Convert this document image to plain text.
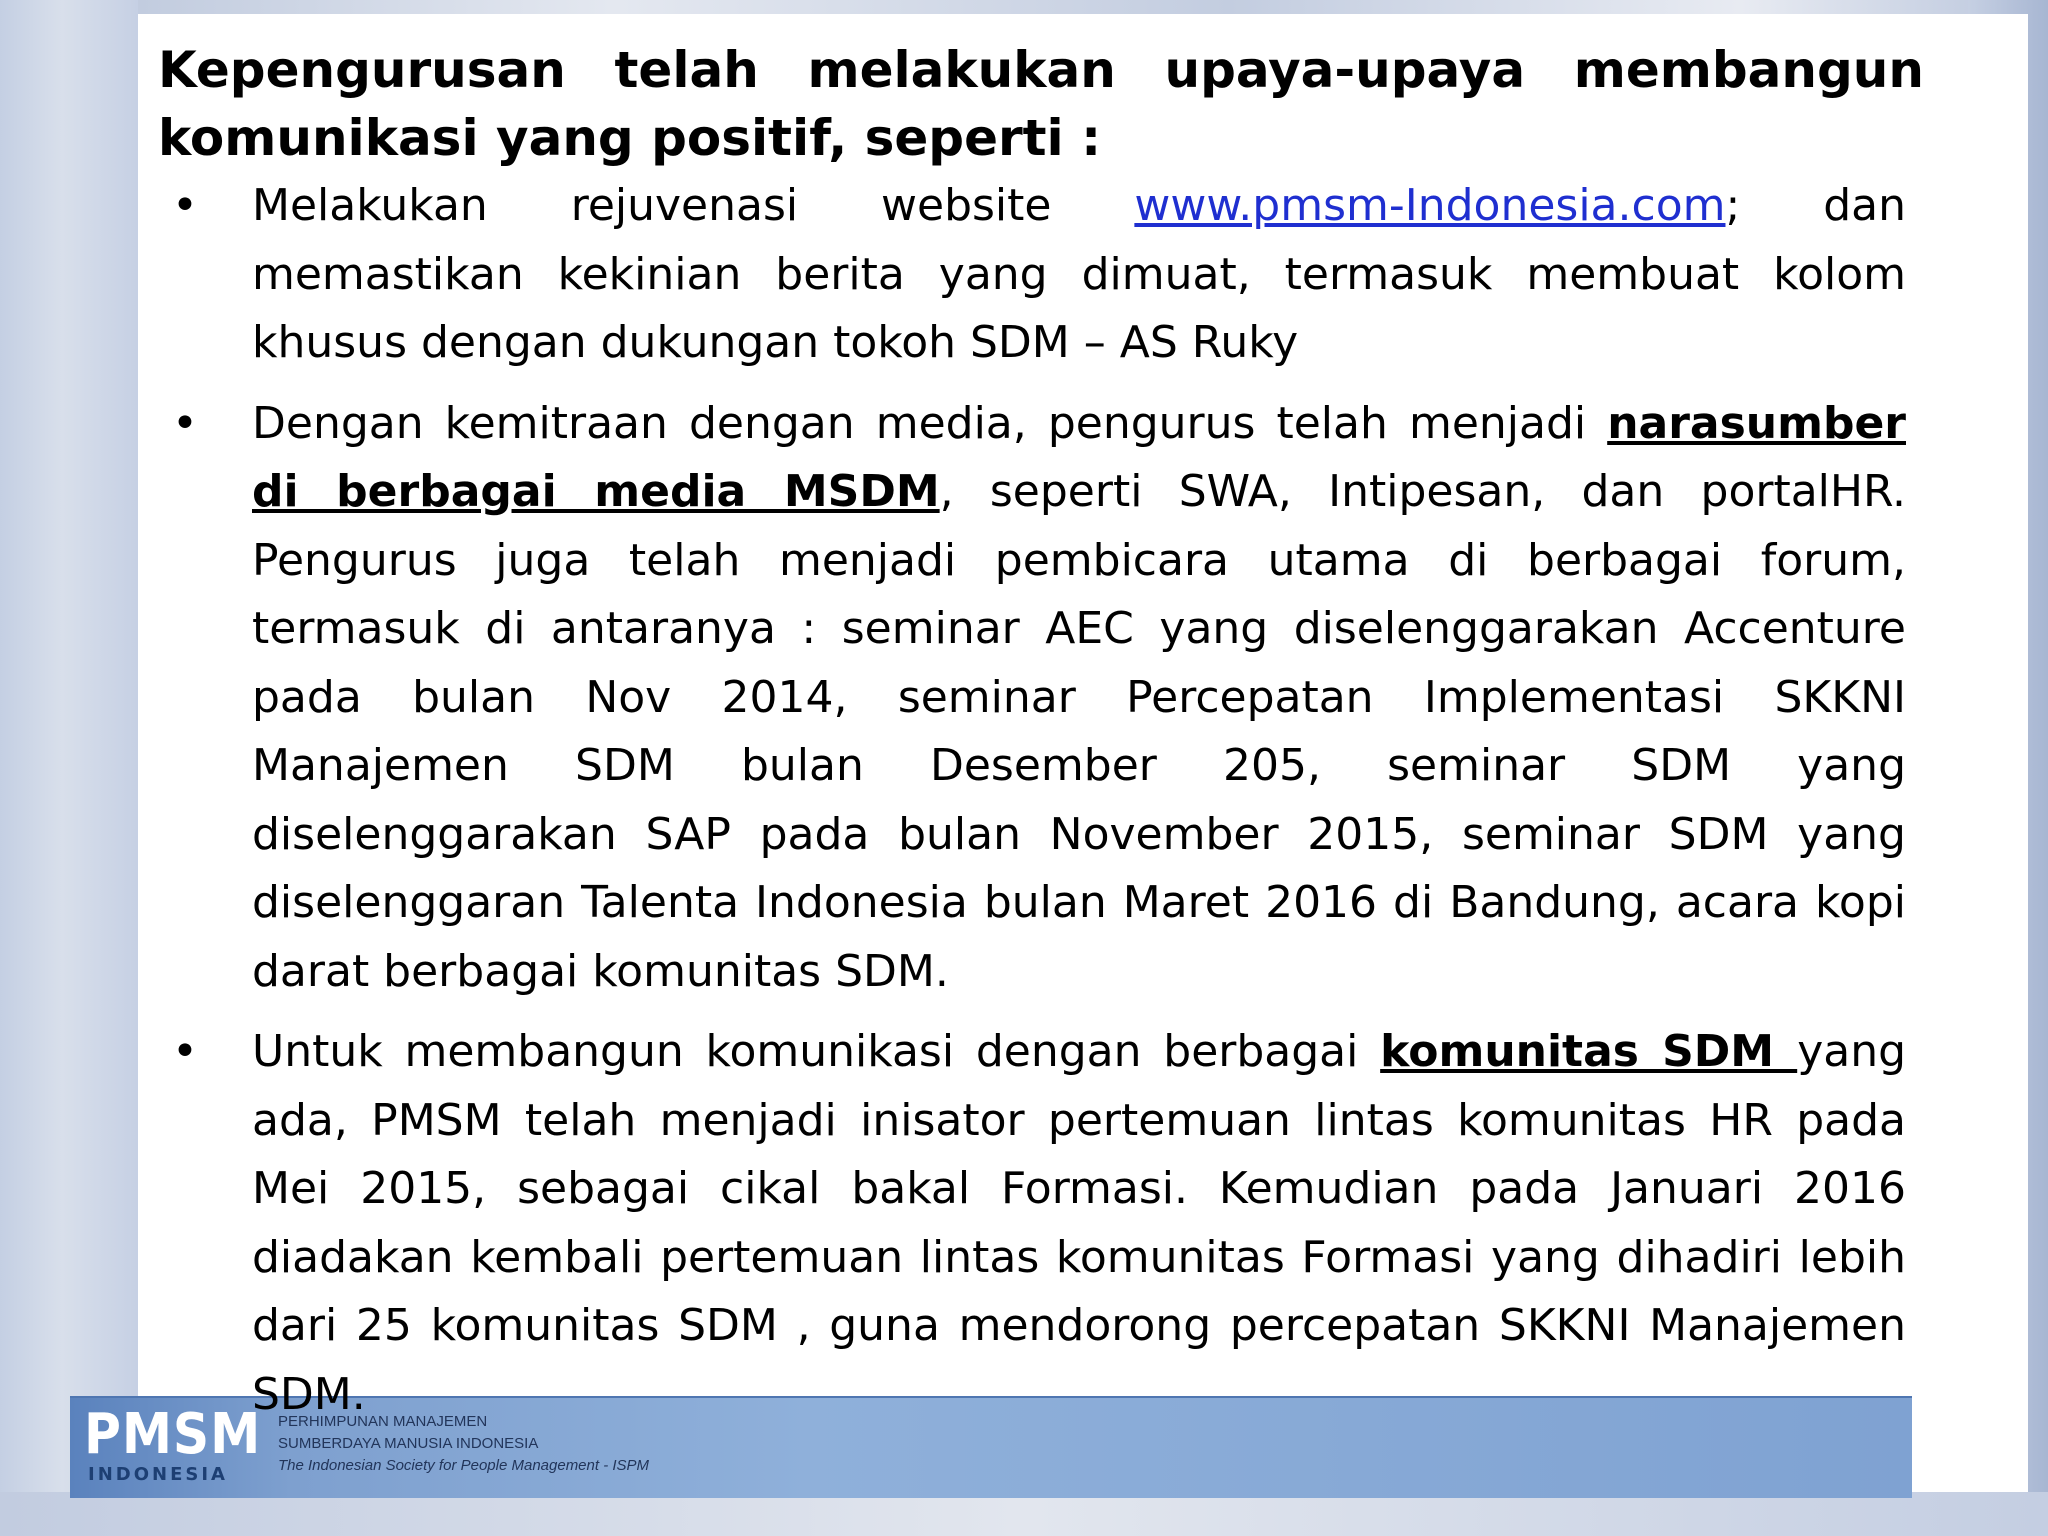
PMSM
INDONESIA
PERHIMPUNAN MANAJEMEN
SUMBERDAYA MANUSIA INDONESIA
The Indonesian Society for People Management - ISPM
Kepengurusan telah melakukan upaya-upaya membangun komunikasi yang positif, seperti :
• Melakukan rejuvenasi website www.pmsm-Indonesia.com; dan memastikan kekinian berita yang dimuat, termasuk membuat kolom khusus dengan dukungan tokoh SDM – AS Ruky
• Dengan kemitraan dengan media, pengurus telah menjadi narasumber di berbagai media MSDM, seperti SWA, Intipesan, dan portalHR. Pengurus juga telah menjadi pembicara utama di berbagai forum, termasuk di antaranya : seminar AEC yang diselenggarakan Accenture pada bulan Nov 2014, seminar Percepatan Implementasi SKKNI Manajemen SDM bulan Desember 205, seminar SDM yang diselenggarakan SAP pada bulan November 2015, seminar SDM yang diselenggaran Talenta Indonesia bulan Maret 2016 di Bandung, acara kopi darat berbagai komunitas SDM.
• Untuk membangun komunikasi dengan berbagai komunitas SDM yang ada, PMSM telah menjadi inisator pertemuan lintas komunitas HR pada Mei 2015, sebagai cikal bakal Formasi. Kemudian pada Januari 2016 diadakan kembali pertemuan lintas komunitas Formasi yang dihadiri lebih dari 25 komunitas SDM , guna mendorong percepatan SKKNI Manajemen SDM.
